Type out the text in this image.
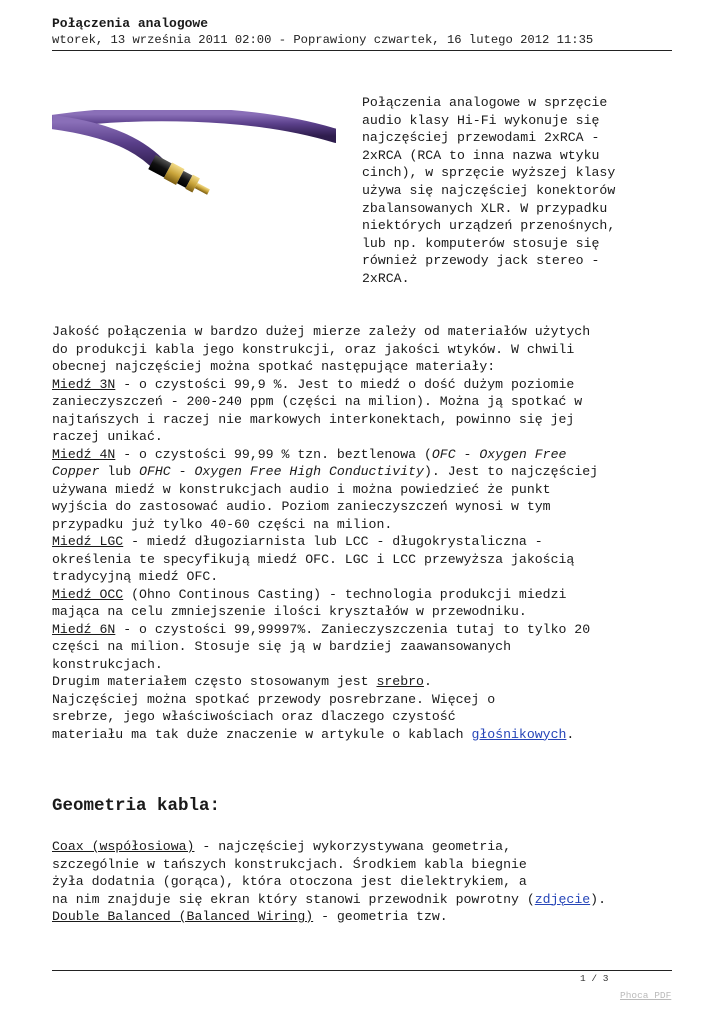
Połączenia analogowe
wtorek, 13 września 2011 02:00 - Poprawiony czwartek, 16 lutego 2012 11:35
Połączenia analogowe w sprzęcie
audio klasy Hi-Fi wykonuje się
najczęściej przewodami 2xRCA -
2xRCA (RCA to inna nazwa wtyku
cinch), w sprzęcie wyższej klasy
używa się najczęściej konektorów
zbalansowanych XLR. W przypadku
niektórych urządzeń przenośnych,
lub np. komputerów stosuje się
również przewody jack stereo -
2xRCA.
Jakość połączenia w bardzo dużej mierze zależy od materiałów użytych
do produkcji kabla jego konstrukcji, oraz jakości wtyków. W chwili
obecnej najczęściej można spotkać następujące materiały:
Miedź 3N - o czystości 99,9 %. Jest to miedź o dość dużym poziomie
zanieczyszczeń - 200-240 ppm (części na milion). Można ją spotkać w
najtańszych i raczej nie markowych interkonektach, powinno się jej
raczej unikać.
Miedź 4N - o czystości 99,99 % tzn. beztlenowa (OFC - Oxygen Free
Copper lub OFHC - Oxygen Free High Conductivity). Jest to najczęściej
używana miedź w konstrukcjach audio i można powiedzieć że punkt
wyjścia do zastosować audio. Poziom zanieczyszczeń wynosi w tym
przypadku już tylko 40-60 części na milion.
Miedź LGC - miedź długoziarnista lub LCC - długokrystaliczna -
określenia te specyfikują miedź OFC. LGC i LCC przewyższa jakością
tradycyjną miedź OFC.
Miedź OCC (Ohno Continous Casting) - technologia produkcji miedzi
mająca na celu zmniejszenie ilości kryształów w przewodniku.
Miedź 6N - o czystości 99,99997%. Zanieczyszczenia tutaj to tylko 20
części na milion. Stosuje się ją w bardziej zaawansowanych
konstrukcjach.
Drugim materiałem często stosowanym jest srebro.
Najczęściej można spotkać przewody posrebrzane. Więcej o
srebrze, jego właściwościach oraz dlaczego czystość
materiału ma tak duże znaczenie w artykule o kablach głośnikowych.
Geometria kabla:
Coax (współosiowa) - najczęściej wykorzystywana geometria,
szczególnie w tańszych konstrukcjach. Środkiem kabla biegnie
żyła dodatnia (gorąca), która otoczona jest dielektrykiem, a
na nim znajduje się ekran który stanowi przewodnik powrotny (zdjęcie).
Double Balanced (Balanced Wiring) - geometria tzw.
1 / 3
Phoca PDF
